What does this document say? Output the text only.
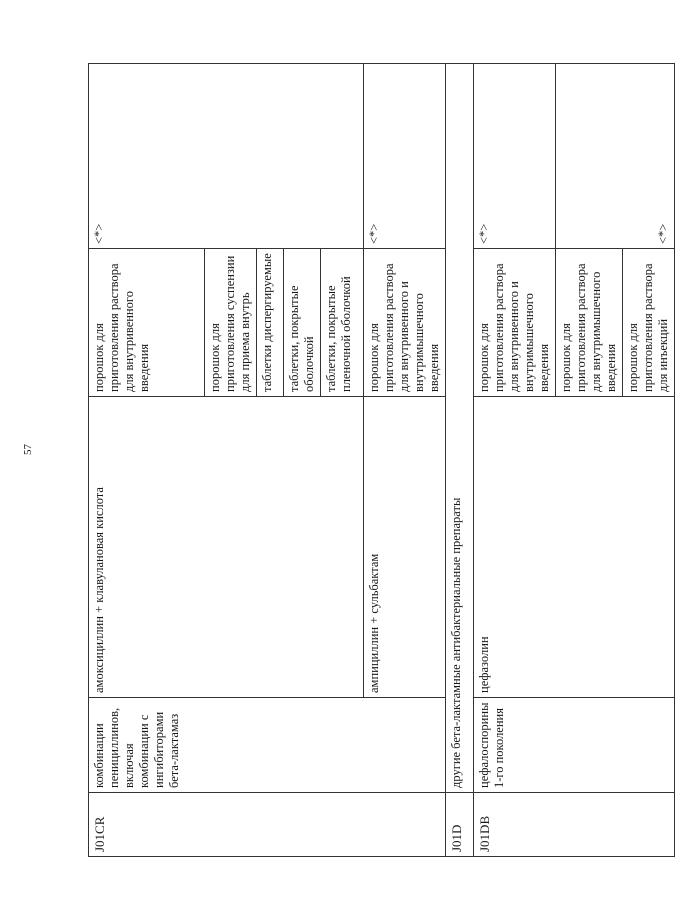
57
J01CR	комбинации пенициллинов, включая комбинации с ингибиторами бета-лактамаз	амоксициллин + клавулановая кислота	порошок для приготовления раствора для внутривенного введения	<*>
			порошок для приготовления суспензии для приема внутрь	
			таблетки диспергируемые	
			таблетки, покрытые оболочкой	
			таблетки, покрытые пленочной оболочкой	
		ампициллин + сульбактам	порошок для приготовления раствора для внутривенного и внутримышечного введения	<*>
J01D	другие бета-лактамные антибактериальные препараты			
J01DB	цефалоспорины 1-го поколения	цефазолин	порошок для приготовления раствора для внутривенного и внутримышечного введения	<*>
			порошок для приготовления раствора для внутримышечного введения	<*>
			порошок для приготовления раствора для инъекций	
